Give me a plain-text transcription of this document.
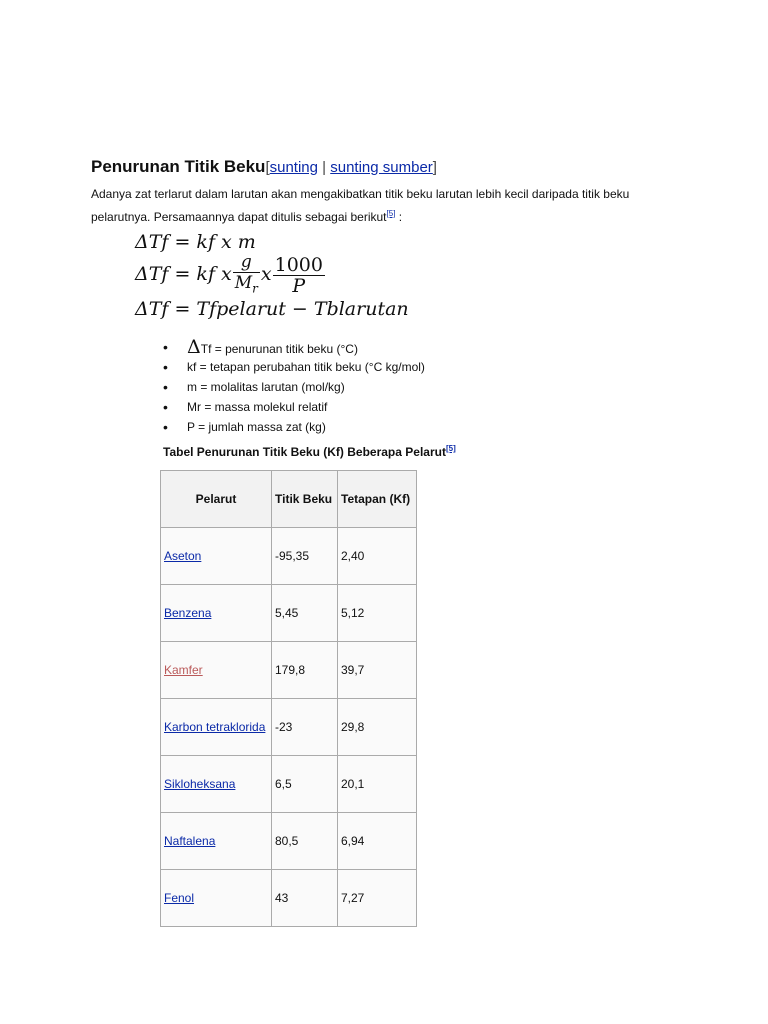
Penurunan Titik Beku[sunting | sunting sumber]

Adanya zat terlarut dalam larutan akan mengakibatkan titik beku larutan lebih kecil daripada titik beku pelarutnya. Persamaannya dapat ditulis sebagai berikut[5] :

ΔTf = kf x m
ΔTf = kf x $\frac{g}{M_r}$ x $\frac{1000}{P}$
ΔTf = Tfpelarut − Tblarutan
• ΔTf = penurunan titik beku (°C)
• kf = tetapan perubahan titik beku (°C kg/mol)
• m = molalitas larutan (mol/kg)
• Mr = massa molekul relatif
• P = jumlah massa zat (kg)
Tabel Penurunan Titik Beku (Kf) Beberapa Pelarut[5]
Pelarut	Titik Beku	Tetapan (Kf)
Aseton	-95,35	2,40
Benzena	5,45	5,12
Kamfer	179,8	39,7
Karbon tetraklorida	-23	29,8
Sikloheksana	6,5	20,1
Naftalena	80,5	6,94
Fenol	43	7,27
